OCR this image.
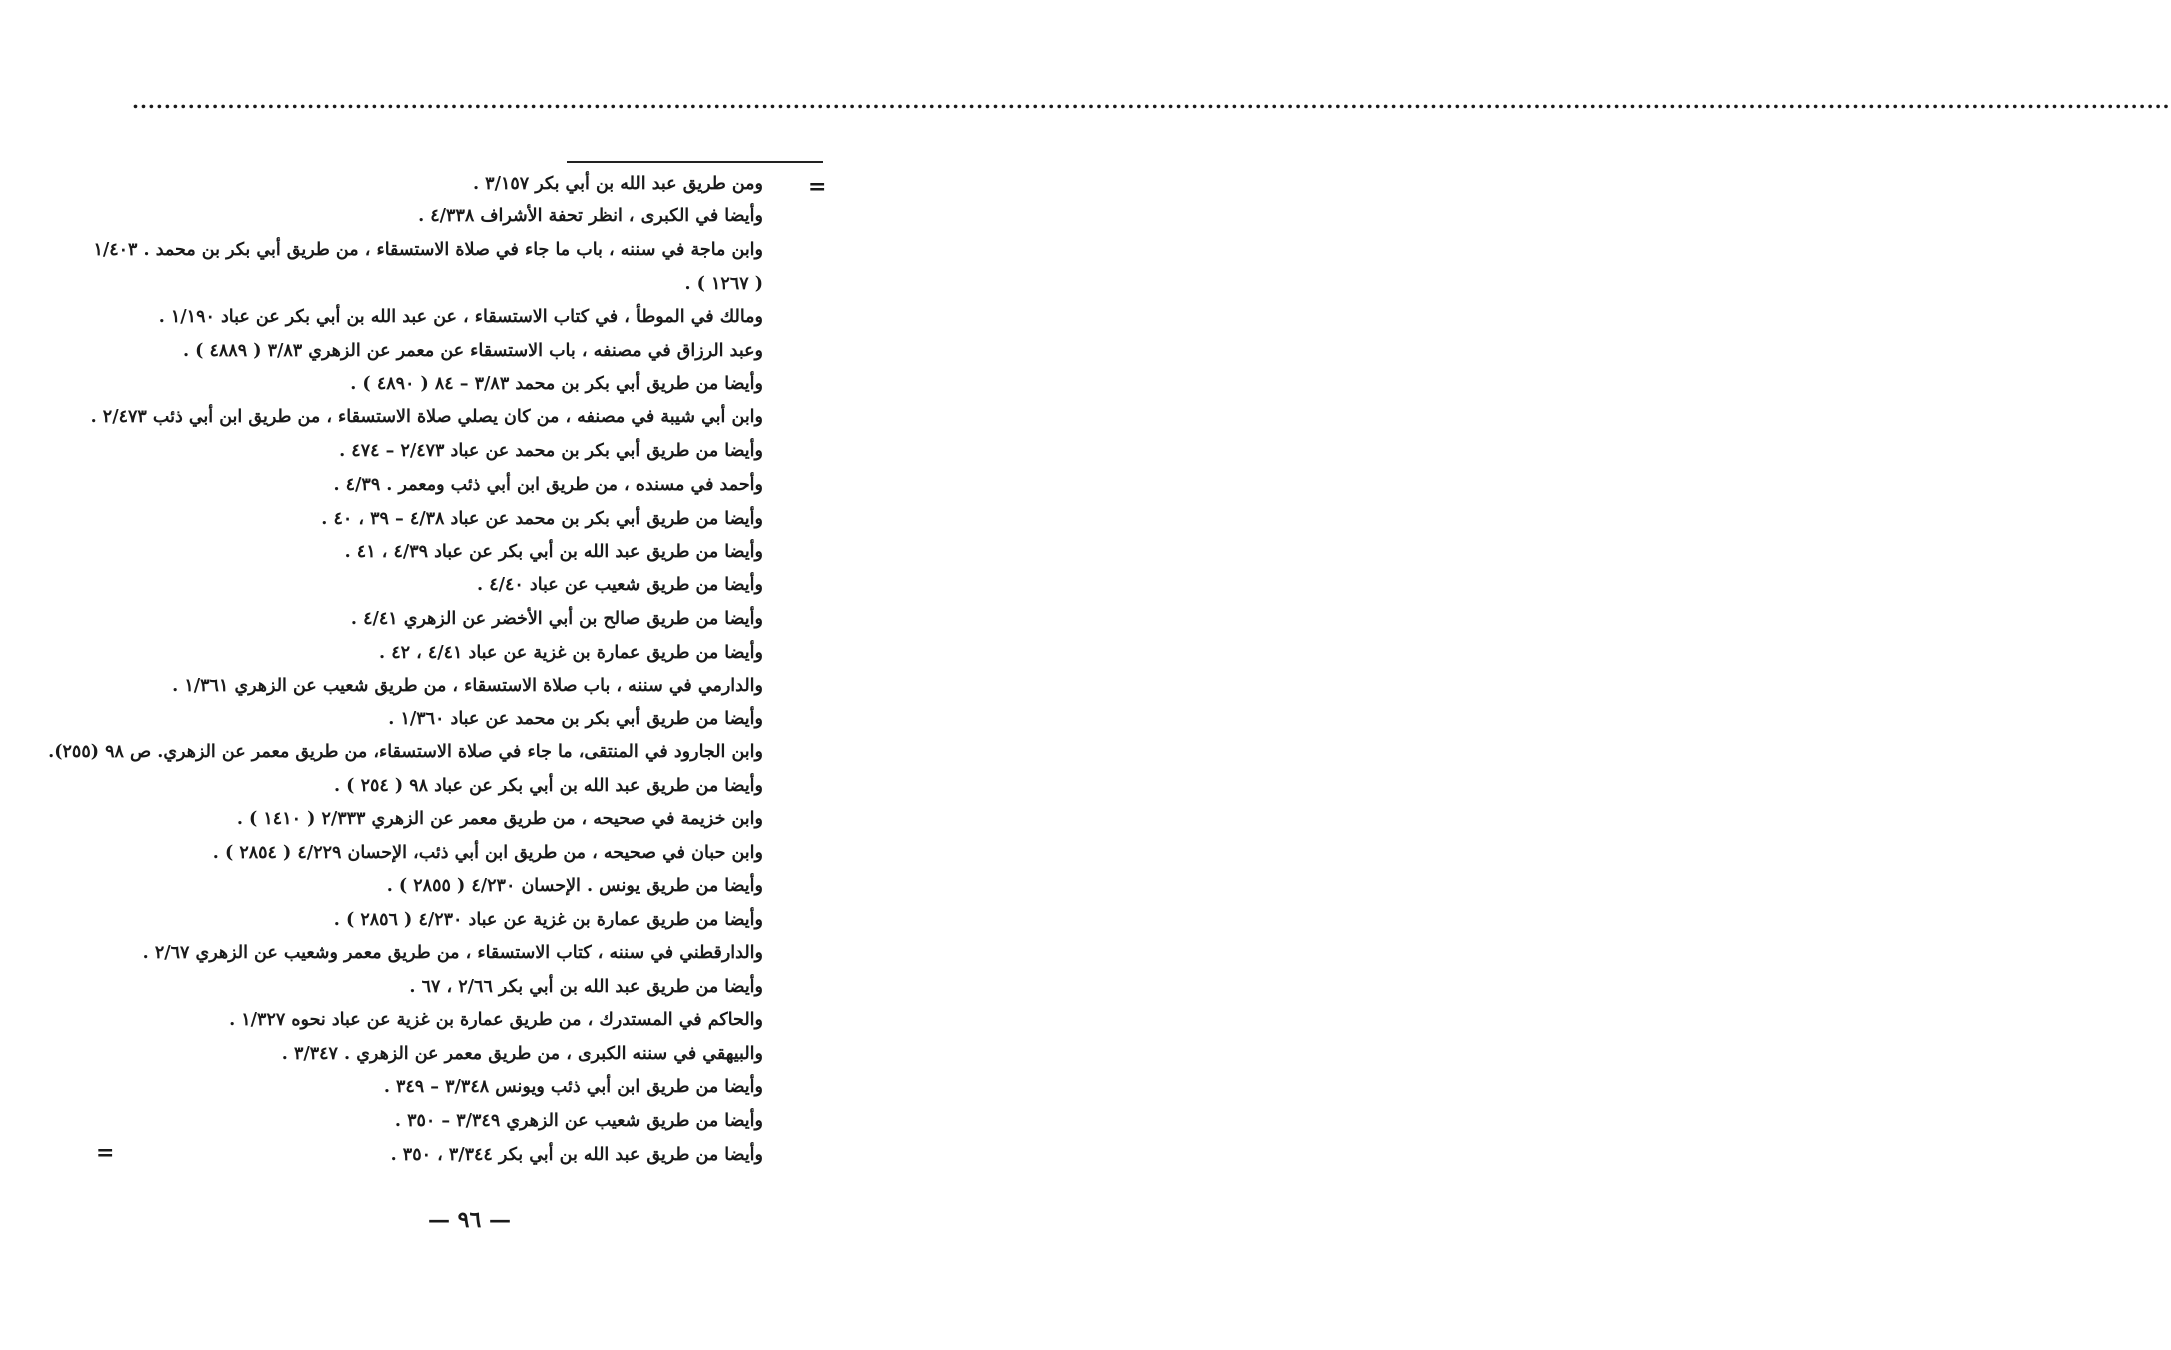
................................................................................................................................................................................................................................................................
=
ومن طريق عبد الله بن أبي بكر ٣/١٥٧ .
وأيضا في الكبرى ، انظر تحفة الأشراف ٤/٣٣٨ .
وابن ماجة في سننه ، باب ما جاء في صلاة الاستسقاء ، من طريق أبي بكر بن محمد . ١/٤٠٣
( ١٢٦٧ ) .
ومالك في الموطأ ، في كتاب الاستسقاء ، عن عبد الله بن أبي بكر عن عباد ١/١٩٠ .
وعبد الرزاق في مصنفه ، باب الاستسقاء عن معمر عن الزهري ٣/٨٣ ( ٤٨٨٩ ) .
وأيضا من طريق أبي بكر بن محمد ٣/٨٣ – ٨٤ ( ٤٨٩٠ ) .
وابن أبي شيبة في مصنفه ، من كان يصلي صلاة الاستسقاء ، من طريق ابن أبي ذئب ٢/٤٧٣ .
وأيضا من طريق أبي بكر بن محمد عن عباد ٢/٤٧٣ – ٤٧٤ .
وأحمد في مسنده ، من طريق ابن أبي ذئب ومعمر . ٤/٣٩ .
وأيضا من طريق أبي بكر بن محمد عن عباد ٤/٣٨ – ٣٩ ، ٤٠ .
وأيضا من طريق عبد الله بن أبي بكر عن عباد ٤/٣٩ ، ٤١ .
وأيضا من طريق شعيب عن عباد ٤/٤٠ .
وأيضا من طريق صالح بن أبي الأخضر عن الزهري ٤/٤١ .
وأيضا من طريق عمارة بن غزية عن عباد ٤/٤١ ، ٤٢ .
والدارمي في سننه ، باب صلاة الاستسقاء ، من طريق شعيب عن الزهري ١/٣٦١ .
وأيضا من طريق أبي بكر بن محمد عن عباد ١/٣٦٠ .
وابن الجارود في المنتقى، ما جاء في صلاة الاستسقاء، من طريق معمر عن الزهري. ص ٩٨ (٢٥٥).
وأيضا من طريق عبد الله بن أبي بكر عن عباد ٩٨ ( ٢٥٤ ) .
وابن خزيمة في صحيحه ، من طريق معمر عن الزهري ٢/٣٣٣ ( ١٤١٠ ) .
وابن حبان في صحيحه ، من طريق ابن أبي ذئب، الإحسان ٤/٢٢٩ ( ٢٨٥٤ ) .
وأيضا من طريق يونس . الإحسان ٤/٢٣٠ ( ٢٨٥٥ ) .
وأيضا من طريق عمارة بن غزية عن عباد ٤/٢٣٠ ( ٢٨٥٦ ) .
والدارقطني في سننه ، كتاب الاستسقاء ، من طريق معمر وشعيب عن الزهري ٢/٦٧ .
وأيضا من طريق عبد الله بن أبي بكر ٢/٦٦ ، ٦٧ .
والحاكم في المستدرك ، من طريق عمارة بن غزية عن عباد نحوه ١/٣٢٧ .
والبيهقي في سننه الكبرى ، من طريق معمر عن الزهري . ٣/٣٤٧ .
وأيضا من طريق ابن أبي ذئب ويونس ٣/٣٤٨ – ٣٤٩ .
وأيضا من طريق شعيب عن الزهري ٣/٣٤٩ – ٣٥٠ .
وأيضا من طريق عبد الله بن أبي بكر ٣/٣٤٤ ، ٣٥٠ .
=
— ٩٦ —
